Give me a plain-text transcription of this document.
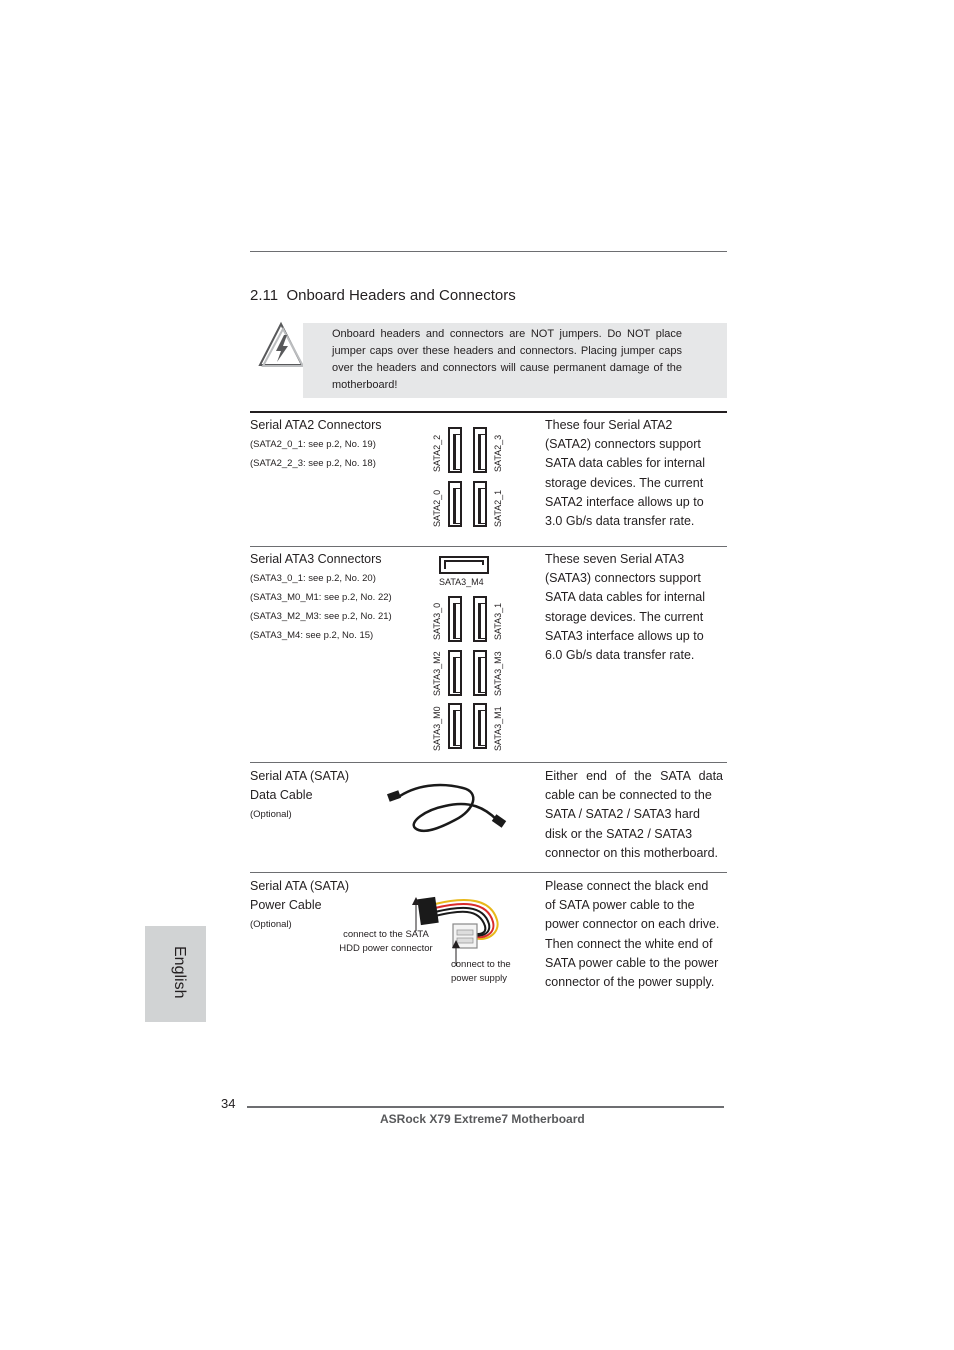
2.11 Onboard Headers and Connectors
Onboard headers and connectors are NOT jumpers. Do NOT place jumper caps over these headers and connectors. Placing jumper caps over the headers and connectors will cause permanent damage of the motherboard!
Serial ATA2 Connectors
(SATA2_0_1: see p.2, No. 19)
(SATA2_2_3: see p.2, No. 18)	SATA2_2	SATA2_3
SATA2_0	SATA2_1
These four Serial ATA2
(SATA2) connectors support
SATA data cables for internal
storage devices. The current
SATA2 interface allows up to
3.0 Gb/s data transfer rate.
Serial ATA3 Connectors
(SATA3_0_1: see p.2, No. 20)
(SATA3_M0_M1: see p.2, No. 22)
(SATA3_M2_M3: see p.2, No. 21)
(SATA3_M4: see p.2, No. 15)
SATA3_M4
SATA3_0	SATA3_1
SATA3_M2	SATA3_M3
SATA3_M0	SATA3_M1
These seven Serial ATA3
(SATA3) connectors support
SATA data cables for internal
storage devices. The current
SATA3 interface allows up to
6.0 Gb/s data transfer rate.
Serial ATA (SATA)
Data Cable
(Optional)
Either end of the SATA data
cable can be connected to the
SATA / SATA2 / SATA3 hard
disk or the SATA2 / SATA3
connector on this motherboard.
Serial ATA (SATA)
Power Cable
(Optional)
connect to the SATA
HDD power connector
connect to the
power supply
Please connect the black end
of SATA power cable to the
power connector on each drive.
Then connect the white end of
SATA power cable to the power
connector of the power supply.
English
34
ASRock X79 Extreme7 Motherboard
